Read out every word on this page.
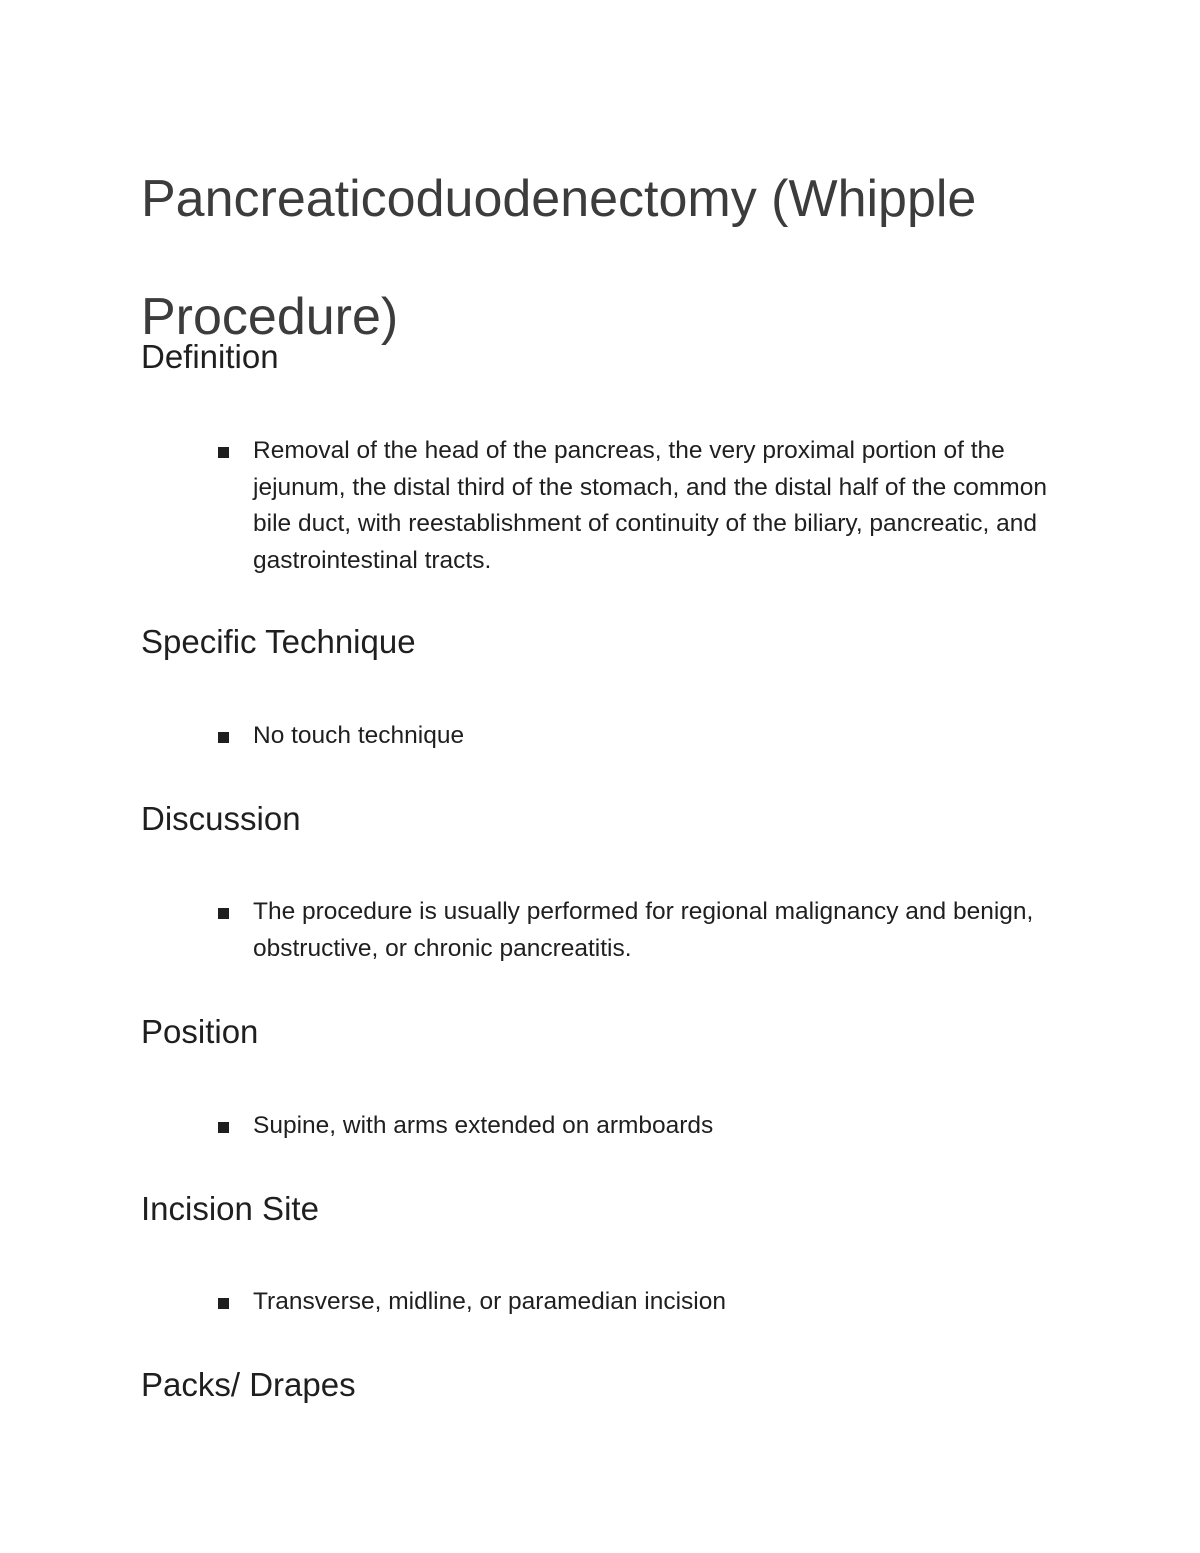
Pancreaticoduodenectomy (Whipple Procedure)
Definition
Removal of the head of the pancreas, the very proximal portion of the jejunum, the distal third of the stomach, and the distal half of the common bile duct, with reestablishment of continuity of the biliary, pancreatic, and gastrointestinal tracts.
Specific Technique
No touch technique
Discussion
The procedure is usually performed for regional malignancy and benign, obstructive, or chronic pancreatitis.
Position
Supine, with arms extended on armboards
Incision Site
Transverse, midline, or paramedian incision
Packs/ Drapes
